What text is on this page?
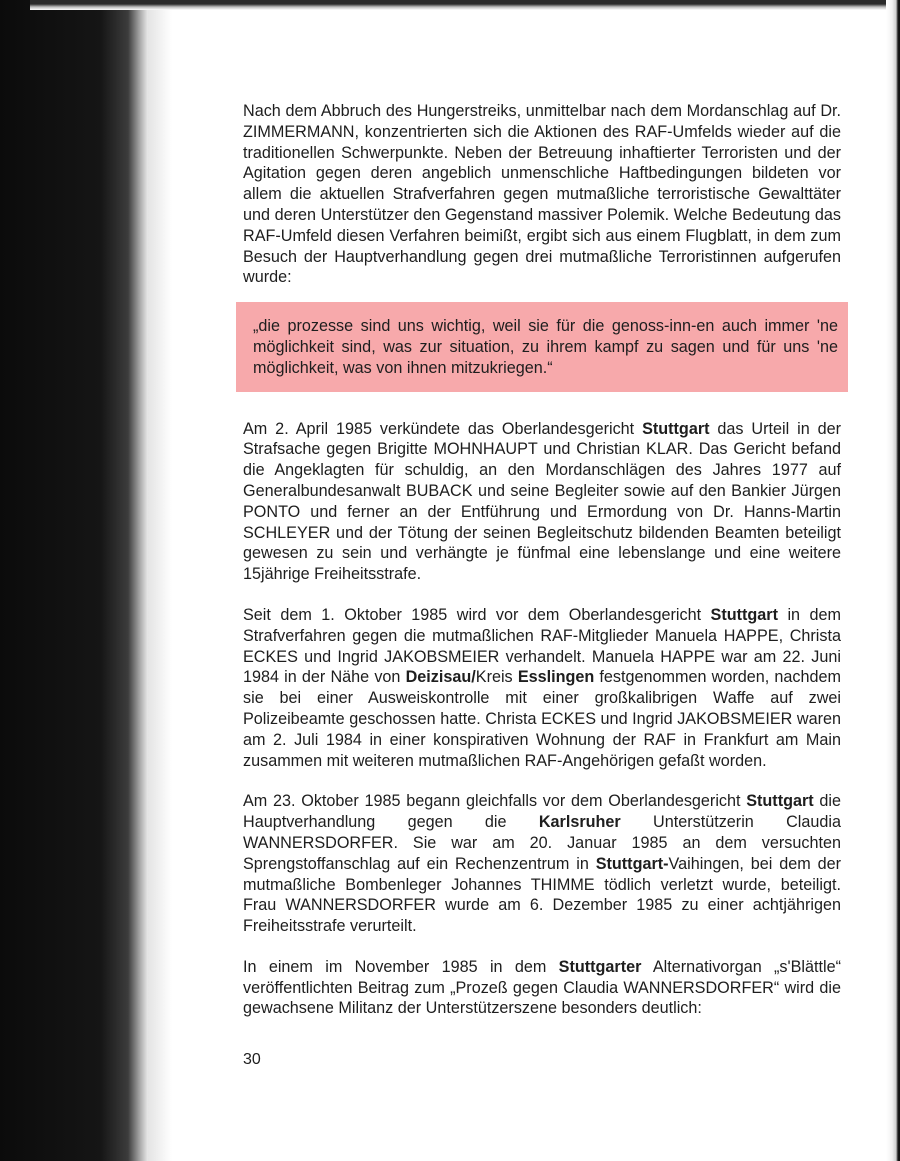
Nach dem Abbruch des Hungerstreiks, unmittelbar nach dem Mordanschlag auf Dr. ZIMMERMANN, konzentrierten sich die Aktionen des RAF-Umfelds wieder auf die traditionellen Schwerpunkte. Neben der Betreuung inhaftierter Terroristen und der Agitation gegen deren angeblich unmenschliche Haftbedingungen bildeten vor allem die aktuellen Strafverfahren gegen mutmaßliche terroristische Gewalttäter und deren Unterstützer den Gegenstand massiver Polemik. Welche Bedeutung das RAF-Umfeld diesen Verfahren beimißt, ergibt sich aus einem Flugblatt, in dem zum Besuch der Hauptverhandlung gegen drei mutmaßliche Terroristinnen aufgerufen wurde:

„die prozesse sind uns wichtig, weil sie für die genoss-inn-en auch immer 'ne möglichkeit sind, was zur situation, zu ihrem kampf zu sagen und für uns 'ne möglichkeit, was von ihnen mitzukriegen.“

Am 2. April 1985 verkündete das Oberlandesgericht Stuttgart das Urteil in der Strafsache gegen Brigitte MOHNHAUPT und Christian KLAR. Das Gericht befand die Angeklagten für schuldig, an den Mordanschlägen des Jahres 1977 auf Generalbundesanwalt BUBACK und seine Begleiter sowie auf den Bankier Jürgen PONTO und ferner an der Entführung und Ermordung von Dr. Hanns-Martin SCHLEYER und der Tötung der seinen Begleitschutz bildenden Beamten beteiligt gewesen zu sein und verhängte je fünfmal eine lebenslange und eine weitere 15jährige Freiheitsstrafe.

Seit dem 1. Oktober 1985 wird vor dem Oberlandesgericht Stuttgart in dem Strafverfahren gegen die mutmaßlichen RAF-Mitglieder Manuela HAPPE, Christa ECKES und Ingrid JAKOBSMEIER verhandelt. Manuela HAPPE war am 22. Juni 1984 in der Nähe von Deizisau/Kreis Esslingen festgenommen worden, nachdem sie bei einer Ausweiskontrolle mit einer großkalibrigen Waffe auf zwei Polizeibeamte geschossen hatte. Christa ECKES und Ingrid JAKOBSMEIER waren am 2. Juli 1984 in einer konspirativen Wohnung der RAF in Frankfurt am Main zusammen mit weiteren mutmaßlichen RAF-Angehörigen gefaßt worden.

Am 23. Oktober 1985 begann gleichfalls vor dem Oberlandesgericht Stuttgart die Hauptverhandlung gegen die Karlsruher Unterstützerin Claudia WANNERSDORFER. Sie war am 20. Januar 1985 an dem versuchten Sprengstoffanschlag auf ein Rechenzentrum in Stuttgart-Vaihingen, bei dem der mutmaßliche Bombenleger Johannes THIMME tödlich verletzt wurde, beteiligt. Frau WANNERSDORFER wurde am 6. Dezember 1985 zu einer achtjährigen Freiheitsstrafe verurteilt.

In einem im November 1985 in dem Stuttgarter Alternativorgan „s'Blättle“ veröffentlichten Beitrag zum „Prozeß gegen Claudia WANNERSDORFER“ wird die gewachsene Militanz der Unterstützerszene besonders deutlich:

30
